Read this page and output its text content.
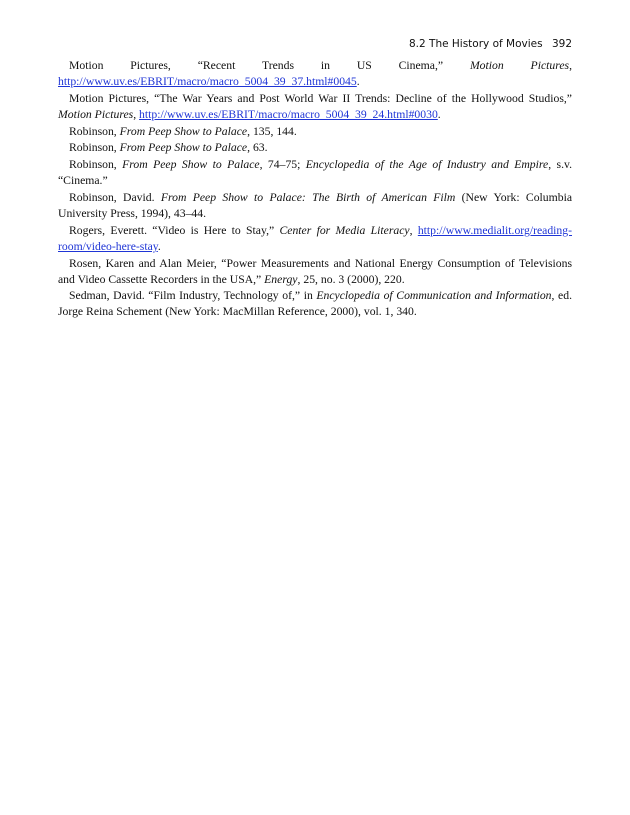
8.2 The History of Movies 392

Motion Pictures, “Recent Trends in US Cinema,” Motion Pictures, http://www.uv.es/EBRIT/macro/macro_5004_39_37.html#0045.

Motion Pictures, “The War Years and Post World War II Trends: Decline of the Hollywood Studios,” Motion Pictures, http://www.uv.es/EBRIT/macro/macro_5004_39_24.html#0030.

Robinson, From Peep Show to Palace, 135, 144.

Robinson, From Peep Show to Palace, 63.

Robinson, From Peep Show to Palace, 74–75; Encyclopedia of the Age of Industry and Empire, s.v. “Cinema.”

Robinson, David. From Peep Show to Palace: The Birth of American Film (New York: Columbia University Press, 1994), 43–44.

Rogers, Everett. “Video is Here to Stay,” Center for Media Literacy, http://www.medialit.org/reading-room/video-here-stay.

Rosen, Karen and Alan Meier, “Power Measurements and National Energy Consumption of Televisions and Video Cassette Recorders in the USA,” Energy, 25, no. 3 (2000), 220.

Sedman, David. “Film Industry, Technology of,” in Encyclopedia of Communication and Information, ed. Jorge Reina Schement (New York: MacMillan Reference, 2000), vol. 1, 340.
